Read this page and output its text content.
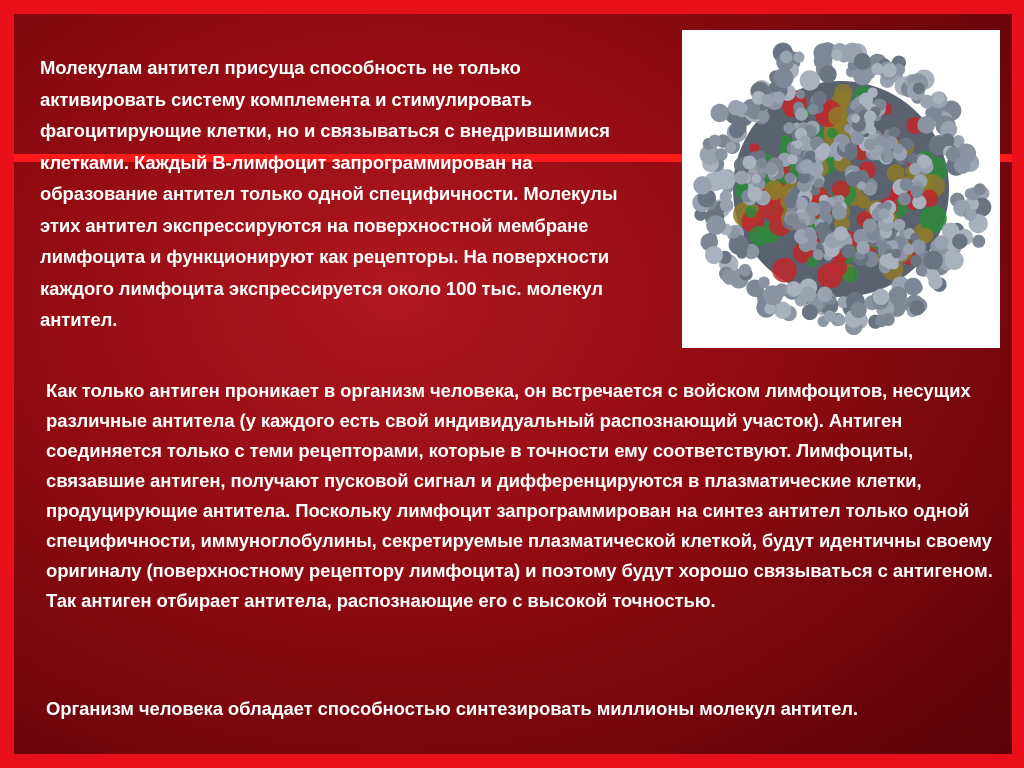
Молекулам антител присуща способность не только активировать систему комплемента и стимулировать фагоцитирующие клетки, но и связываться с внедрившимися клетками. Каждый В-лимфоцит запрограммирован на образование антител только одной специфичности. Молекулы этих антител экспрессируются на поверхностной мембране лимфоцита и функционируют как рецепторы. На поверхности каждого лимфоцита экспрессируется около 100 тыс. молекул антител.
Как только антиген проникает в организм человека, он встречается с войском лимфоцитов, несущих различные антитела (у каждого есть свой индивидуальный распознающий участок). Антиген соединяется только с теми рецепторами, которые в точности ему соответствуют. Лимфоциты, связавшие антиген, получают пусковой сигнал и дифференцируются в плазматические клетки, продуцирующие антитела. Поскольку лимфоцит запрограммирован на синтез антител только одной специфичности, иммуноглобулины, секретируемые плазматической клеткой, будут идентичны своему оригиналу (поверхностному рецептору лимфоцита) и поэтому будут хорошо связываться с антигеном. Так антиген отбирает антитела, распознающие его с высокой точностью.
Организм человека обладает способностью синтезировать миллионы молекул антител.
